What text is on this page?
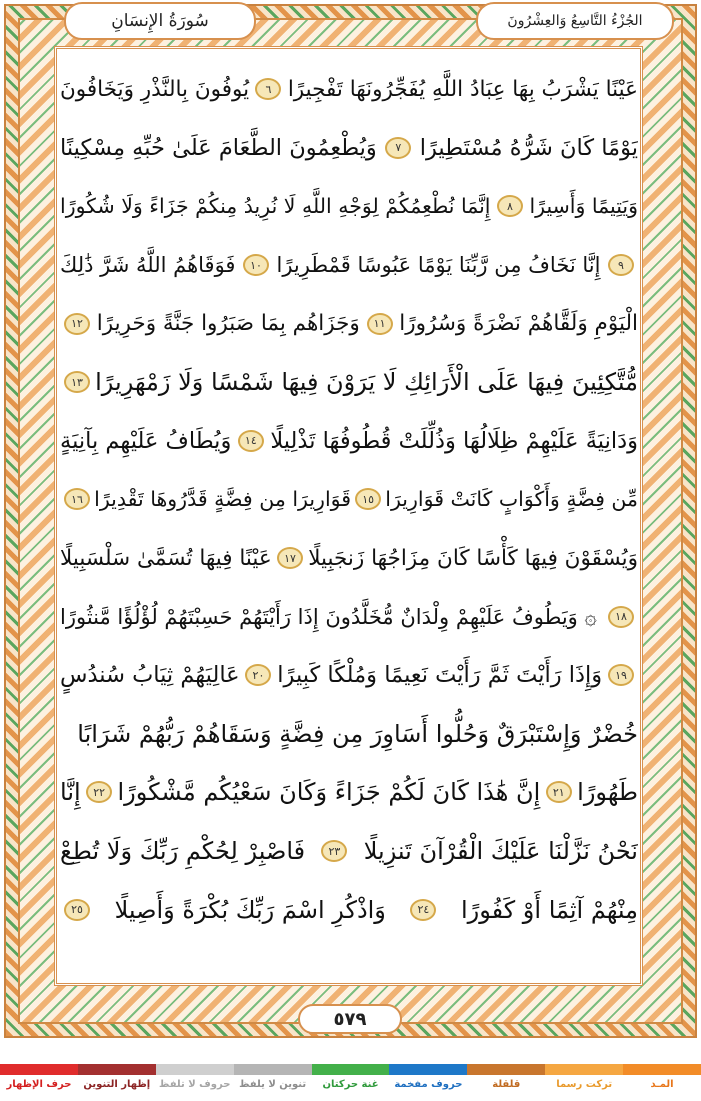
سُورَةُ الإِنسَانِ	الجُزْءُ التَّاسِعُ وَالعِشْرُونَ
عَيْنًا يَشْرَبُ بِهَا عِبَادُ اللَّهِ يُفَجِّرُونَهَا تَفْجِيرًا
٦
يُوفُونَ بِالنَّذْرِ وَيَخَافُونَ
يَوْمًا كَانَ شَرُّهُ مُسْتَطِيرًا
٧
وَيُطْعِمُونَ الطَّعَامَ عَلَىٰ حُبِّهِ مِسْكِينًا
وَيَتِيمًا وَأَسِيرًا
٨
إِنَّمَا نُطْعِمُكُمْ لِوَجْهِ اللَّهِ لَا نُرِيدُ مِنكُمْ جَزَاءً وَلَا شُكُورًا
٩
إِنَّا نَخَافُ مِن رَّبِّنَا يَوْمًا عَبُوسًا قَمْطَرِيرًا
١٠
فَوَقَاهُمُ اللَّهُ شَرَّ ذَٰلِكَ
الْيَوْمِ وَلَقَّاهُمْ نَضْرَةً وَسُرُورًا
١١
وَجَزَاهُم بِمَا صَبَرُوا جَنَّةً وَحَرِيرًا
١٢
مُّتَّكِئِينَ فِيهَا عَلَى الْأَرَائِكِ لَا يَرَوْنَ فِيهَا شَمْسًا وَلَا زَمْهَرِيرًا
١٣
وَدَانِيَةً عَلَيْهِمْ ظِلَالُهَا وَذُلِّلَتْ قُطُوفُهَا تَذْلِيلًا
١٤
وَيُطَافُ عَلَيْهِم بِآنِيَةٍ
مِّن فِضَّةٍ وَأَكْوَابٍ كَانَتْ قَوَارِيرَا
١٥
قَوَارِيرَا مِن فِضَّةٍ قَدَّرُوهَا تَقْدِيرًا
١٦
وَيُسْقَوْنَ فِيهَا كَأْسًا كَانَ مِزَاجُهَا زَنجَبِيلًا
١٧
عَيْنًا فِيهَا تُسَمَّىٰ سَلْسَبِيلًا
١٨
۞ وَيَطُوفُ عَلَيْهِمْ وِلْدَانٌ مُّخَلَّدُونَ إِذَا رَأَيْتَهُمْ حَسِبْتَهُمْ لُؤْلُؤًا مَّنثُورًا
١٩
وَإِذَا رَأَيْتَ ثَمَّ رَأَيْتَ نَعِيمًا وَمُلْكًا كَبِيرًا
٢٠
عَالِيَهُمْ ثِيَابُ سُندُسٍ
خُضْرٌ وَإِسْتَبْرَقٌ وَحُلُّوا أَسَاوِرَ مِن فِضَّةٍ وَسَقَاهُمْ رَبُّهُمْ شَرَابًا
طَهُورًا
٢١
إِنَّ هَٰذَا كَانَ لَكُمْ جَزَاءً وَكَانَ سَعْيُكُم مَّشْكُورًا
٢٢
إِنَّا
نَحْنُ نَزَّلْنَا عَلَيْكَ الْقُرْآنَ تَنزِيلًا
٢٣
فَاصْبِرْ لِحُكْمِ رَبِّكَ وَلَا تُطِعْ
مِنْهُمْ آثِمًا أَوْ كَفُورًا
٢٤
وَاذْكُرِ اسْمَ رَبِّكَ بُكْرَةً وَأَصِيلًا
٢٥
٥٧٩
المـد
تركت رسما
قلقلة
حروف مفخمة
غنة حركتان
تنوين لا يلفظ
حروف لا تلفظ
إظهار التنوين
حرف الإظهار
